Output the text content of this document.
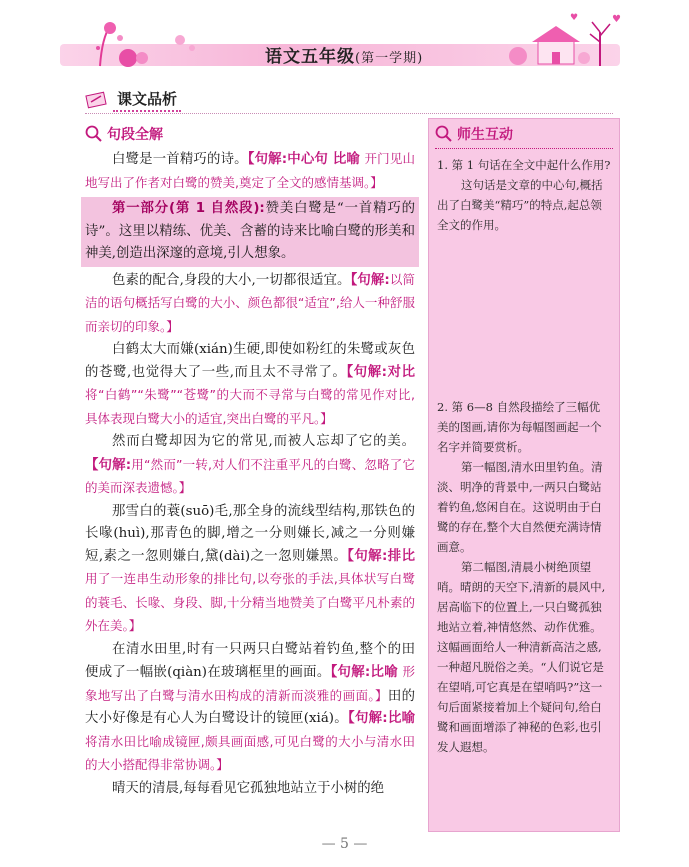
♥
♥
语文五年级(第一学期)
课文品析
句段全解

白鹭是一首精巧的诗。【句解:中心句 比喻 开门见山地写出了作者对白鹭的赞美,奠定了全文的感情基调。】

第一部分(第 1 自然段):赞美白鹭是“一首精巧的诗”。这里以精练、优美、含蓄的诗来比喻白鹭的形美和神美,创造出深邃的意境,引人想象。

色素的配合,身段的大小,一切都很适宜。【句解:以简洁的语句概括写白鹭的大小、颜色都很“适宜”,给人一种舒服而亲切的印象。】

白鹤太大而嫌(xián)生硬,即使如粉红的朱鹭或灰色的苍鹭,也觉得大了一些,而且太不寻常了。【句解:对比 将“白鹤”“朱鹭”“苍鹭”的大而不寻常与白鹭的常见作对比,具体表现白鹭大小的适宜,突出白鹭的平凡。】

然而白鹭却因为它的常见,而被人忘却了它的美。【句解:用“然而”一转,对人们不注重平凡的白鹭、忽略了它的美而深表遗憾。】

那雪白的蓑(suō)毛,那全身的流线型结构,那铁色的长喙(huì),那青色的脚,增之一分则嫌长,减之一分则嫌短,素之一忽则嫌白,黛(dài)之一忽则嫌黑。【句解:排比 用了一连串生动形象的排比句,以夸张的手法,具体状写白鹭的蓑毛、长喙、身段、脚,十分精当地赞美了白鹭平凡朴素的外在美。】

在清水田里,时有一只两只白鹭站着钓鱼,整个的田便成了一幅嵌(qiàn)在玻璃框里的画面。【句解:比喻 形象地写出了白鹭与清水田构成的清新而淡雅的画面。】田的大小好像是有心人为白鹭设计的镜匣(xiá)。【句解:比喻 将清水田比喻成镜匣,颇具画面感,可见白鹭的大小与清水田的大小搭配得非常协调。】

晴天的清晨,每每看见它孤独地站立于小树的绝

师生互动

1. 第 1 句话在全文中起什么作用?

这句话是文章的中心句,概括出了白鹭美“精巧”的特点,起总领全文的作用。

2. 第 6—8 自然段描绘了三幅优美的图画,请你为每幅图画起一个名字并简要赏析。

第一幅图,清水田里钓鱼。清淡、明净的背景中,一两只白鹭站着钓鱼,悠闲自在。这说明由于白鹭的存在,整个大自然便充满诗情画意。

第二幅图,清晨小树绝顶望哨。晴朗的天空下,清新的晨风中,居高临下的位置上,一只白鹭孤独地站立着,神情悠然、动作优雅。这幅画面给人一种清新高洁之感,一种超凡脱俗之美。“人们说它是在望哨,可它真是在望哨吗?”这一句后面紧接着加上个疑问句,给白鹭和画面增添了神秘的色彩,也引发人遐想。

— 5 —
